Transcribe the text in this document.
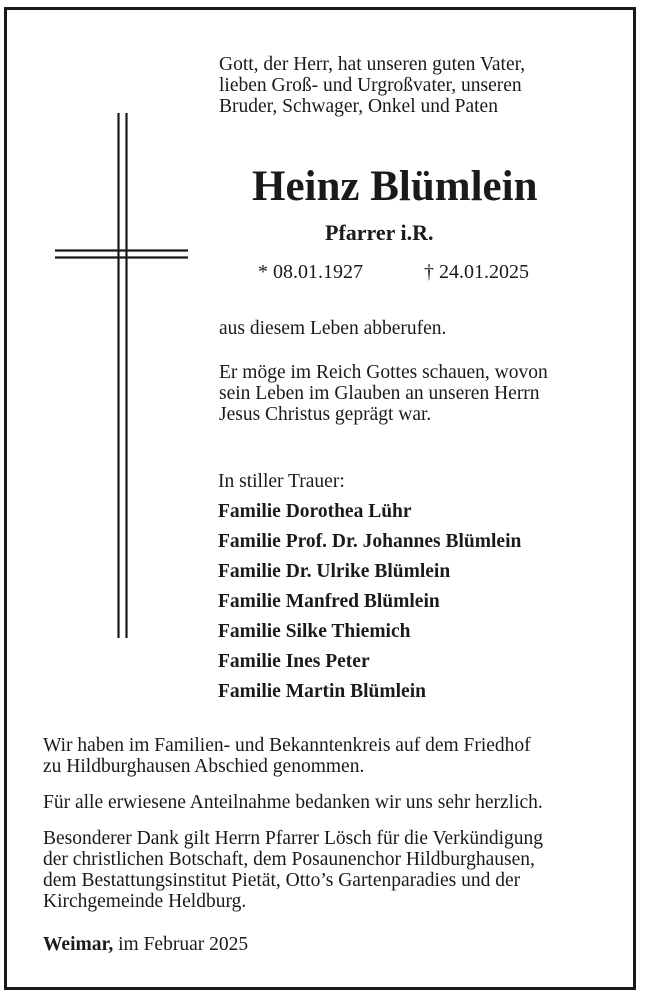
Gott, der Herr, hat unseren guten Vater,

lieben Groß- und Urgroßvater, unseren

Bruder, Schwager, Onkel und Paten

Heinz Blümlein

Pfarrer i.R.

* 08.01.1927	† 24.01.2025

aus diesem Leben abberufen.

Er möge im Reich Gottes schauen, wovon

sein Leben im Glauben an unseren Herrn

Jesus Christus geprägt war.

In stiller Trauer:

Familie Dorothea Lühr

Familie Prof. Dr. Johannes Blümlein

Familie Dr. Ulrike Blümlein

Familie Manfred Blümlein

Familie Silke Thiemich

Familie Ines Peter

Familie Martin Blümlein

Wir haben im Familien- und Bekanntenkreis auf dem Friedhof

zu Hildburghausen Abschied genommen.

Für alle erwiesene Anteilnahme bedanken wir uns sehr herzlich.

Besonderer Dank gilt Herrn Pfarrer Lösch für die Verkündigung

der christlichen Botschaft, dem Posaunenchor Hildburghausen,

dem Bestattungsinstitut Pietät, Otto’s Gartenparadies und der

Kirchgemeinde Heldburg.

Weimar, im Februar 2025
